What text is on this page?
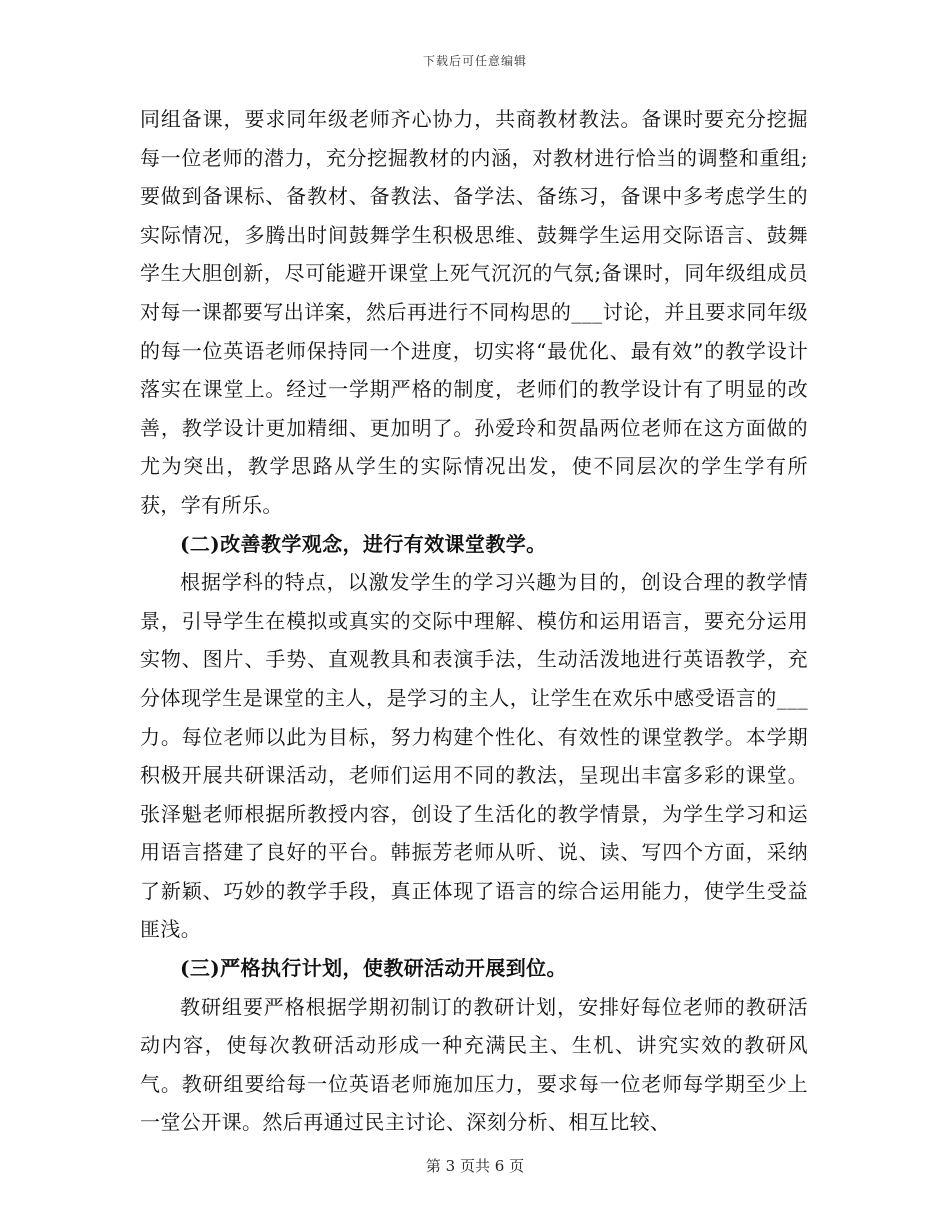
下载后可任意编辑

同组备课，要求同年级老师齐心协力，共商教材教法。备课时要充分挖掘每一位老师的潜力，充分挖掘教材的内涵，对教材进行恰当的调整和重组;要做到备课标、备教材、备教法、备学法、备练习，备课中多考虑学生的实际情况，多腾出时间鼓舞学生积极思维、鼓舞学生运用交际语言、鼓舞学生大胆创新，尽可能避开课堂上死气沉沉的气氛;备课时，同年级组成员对每一课都要写出详案，然后再进行不同构思的___讨论，并且要求同年级的每一位英语老师保持同一个进度，切实将“最优化、最有效”的教学设计落实在课堂上。经过一学期严格的制度，老师们的教学设计有了明显的改善，教学设计更加精细、更加明了。孙爱玲和贺晶两位老师在这方面做的尤为突出，教学思路从学生的实际情况出发，使不同层次的学生学有所获，学有所乐。

(二)改善教学观念，进行有效课堂教学。

根据学科的特点，以激发学生的学习兴趣为目的，创设合理的教学情景，引导学生在模拟或真实的交际中理解、模仿和运用语言，要充分运用实物、图片、手势、直观教具和表演手法，生动活泼地进行英语教学，充分体现学生是课堂的主人，是学习的主人，让学生在欢乐中感受语言的___力。每位老师以此为目标，努力构建个性化、有效性的课堂教学。本学期积极开展共研课活动，老师们运用不同的教法，呈现出丰富多彩的课堂。张泽魁老师根据所教授内容，创设了生活化的教学情景，为学生学习和运用语言搭建了良好的平台。韩振芳老师从听、说、读、写四个方面，采纳了新颖、巧妙的教学手段，真正体现了语言的综合运用能力，使学生受益匪浅。

(三)严格执行计划，使教研活动开展到位。

教研组要严格根据学期初制订的教研计划，安排好每位老师的教研活动内容，使每次教研活动形成一种充满民主、生机、讲究实效的教研风气。教研组要给每一位英语老师施加压力，要求每一位老师每学期至少上一堂公开课。然后再通过民主讨论、深刻分析、相互比较、

第 3 页共 6 页
